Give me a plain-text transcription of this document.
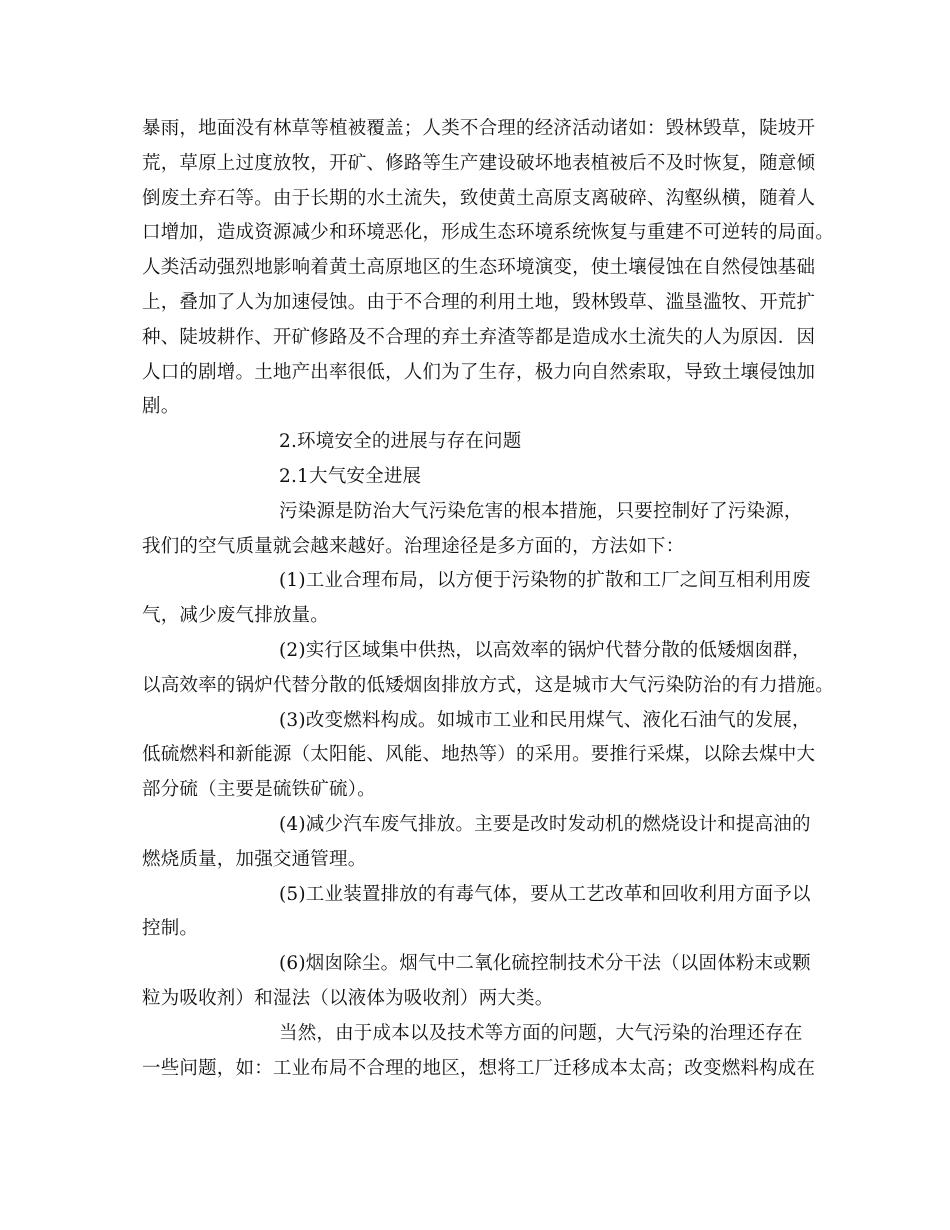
暴雨，地面没有林草等植被覆盖；人类不合理的经济活动诸如：毁林毁草，陡坡开
荒，草原上过度放牧，开矿、修路等生产建设破坏地表植被后不及时恢复，随意倾
倒废土弃石等。由于长期的水土流失，致使黄土高原支离破碎、沟壑纵横，随着人
口增加，造成资源减少和环境恶化，形成生态环境系统恢复与重建不可逆转的局面。
人类活动强烈地影响着黄土高原地区的生态环境演变，使土壤侵蚀在自然侵蚀基础
上，叠加了人为加速侵蚀。由于不合理的利用土地，毁林毁草、滥垦滥牧、开荒扩
种、陡坡耕作、开矿修路及不合理的弃土弃渣等都是造成水土流失的人为原因．因
人口的剧增。土地产出率很低，人们为了生存，极力向自然索取，导致土壤侵蚀加
剧。
2.环境安全的进展与存在问题
2.1大气安全进展
污染源是防治大气污染危害的根本措施，只要控制好了污染源，
我们的空气质量就会越来越好。治理途径是多方面的，方法如下：
(1)工业合理布局，以方便于污染物的扩散和工厂之间互相利用废
气，减少废气排放量。
(2)实行区域集中供热，以高效率的锅炉代替分散的低矮烟囱群，
以高效率的锅炉代替分散的低矮烟囱排放方式，这是城市大气污染防治的有力措施。
(3)改变燃料构成。如城市工业和民用煤气、液化石油气的发展，
低硫燃料和新能源（太阳能、风能、地热等）的采用。要推行采煤，以除去煤中大
部分硫（主要是硫铁矿硫）。
(4)减少汽车废气排放。主要是改时发动机的燃烧设计和提高油的
燃烧质量，加强交通管理。
(5)工业装置排放的有毒气体，要从工艺改革和回收利用方面予以
控制。
(6)烟囱除尘。烟气中二氧化硫控制技术分干法（以固体粉末或颗
粒为吸收剂）和湿法（以液体为吸收剂）两大类。
当然，由于成本以及技术等方面的问题，大气污染的治理还存在
一些问题，如：工业布局不合理的地区，想将工厂迁移成本太高；改变燃料构成在
